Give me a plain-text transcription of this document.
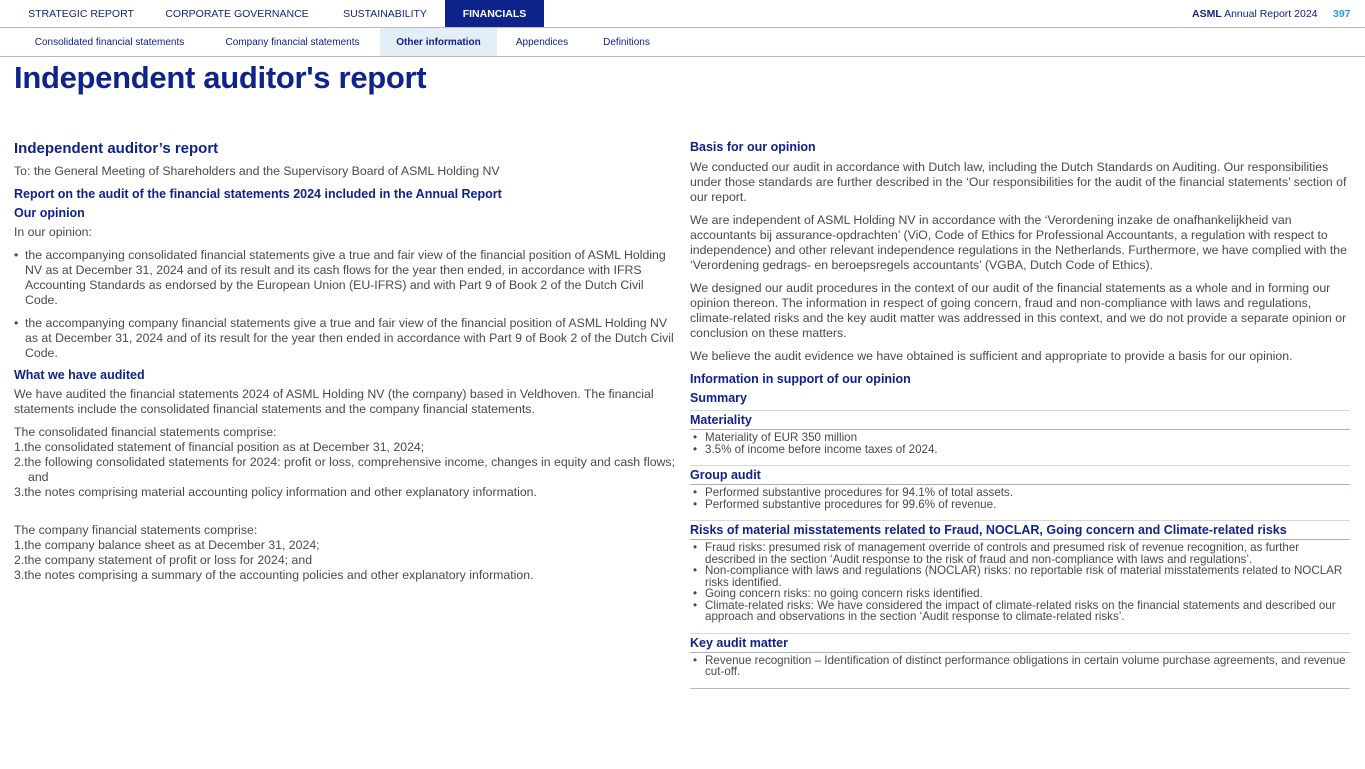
STRATEGIC REPORT	CORPORATE GOVERNANCE	SUSTAINABILITY	FINANCIALS	ASML Annual Report 2024 397
Consolidated financial statements	Company financial statements	Other information	Appendices	Definitions
Independent auditor's report
Independent auditor’s report
To: the General Meeting of Shareholders and the Supervisory Board of ASML Holding NV
Report on the audit of the financial statements 2024 included in the Annual Report
Our opinion
In our opinion:
• the accompanying consolidated financial statements give a true and fair view of the financial position of ASML Holding NV as at December 31, 2024 and of its result and its cash flows for the year then ended, in accordance with IFRS Accounting Standards as endorsed by the European Union (EU-IFRS) and with Part 9 of Book 2 of the Dutch Civil Code.
• the accompanying company financial statements give a true and fair view of the financial position of ASML Holding NV as at December 31, 2024 and of its result for the year then ended in accordance with Part 9 of Book 2 of the Dutch Civil Code.
What we have audited
We have audited the financial statements 2024 of ASML Holding NV (the company) based in Veldhoven. The financial statements include the consolidated financial statements and the company financial statements.
The consolidated financial statements comprise:
1.the consolidated statement of financial position as at December 31, 2024;
2.the following consolidated statements for 2024: profit or loss, comprehensive income, changes in equity and cash flows; and
3.the notes comprising material accounting policy information and other explanatory information.
The company financial statements comprise:
1.the company balance sheet as at December 31, 2024;
2.the company statement of profit or loss for 2024; and
3.the notes comprising a summary of the accounting policies and other explanatory information.
Basis for our opinion
We conducted our audit in accordance with Dutch law, including the Dutch Standards on Auditing. Our responsibilities under those standards are further described in the ‘Our responsibilities for the audit of the financial statements’ section of our report.
We are independent of ASML Holding NV in accordance with the ‘Verordening inzake de onafhankelijkheid van accountants bij assurance-opdrachten’ (ViO, Code of Ethics for Professional Accountants, a regulation with respect to independence) and other relevant independence regulations in the Netherlands. Furthermore, we have complied with the ‘Verordening gedrags- en beroepsregels accountants’ (VGBA, Dutch Code of Ethics).
We designed our audit procedures in the context of our audit of the financial statements as a whole and in forming our opinion thereon. The information in respect of going concern, fraud and non-compliance with laws and regulations, climate-related risks and the key audit matter was addressed in this context, and we do not provide a separate opinion or conclusion on these matters.
We believe the audit evidence we have obtained is sufficient and appropriate to provide a basis for our opinion.
Information in support of our opinion
Summary
Materiality
• Materiality of EUR 350 million
• 3.5% of income before income taxes of 2024.
Group audit
• Performed substantive procedures for 94.1% of total assets.
• Performed substantive procedures for 99.6% of revenue.
Risks of material misstatements related to Fraud, NOCLAR, Going concern and Climate-related risks
• Fraud risks: presumed risk of management override of controls and presumed risk of revenue recognition, as further described in the section ‘Audit response to the risk of fraud and non-compliance with laws and regulations’.
• Non-compliance with laws and regulations (NOCLAR) risks: no reportable risk of material misstatements related to NOCLAR risks identified.
• Going concern risks: no going concern risks identified.
• Climate-related risks: We have considered the impact of climate-related risks on the financial statements and described our approach and observations in the section ‘Audit response to climate-related risks’.
Key audit matter
• Revenue recognition – Identification of distinct performance obligations in certain volume purchase agreements, and revenue cut-off.
